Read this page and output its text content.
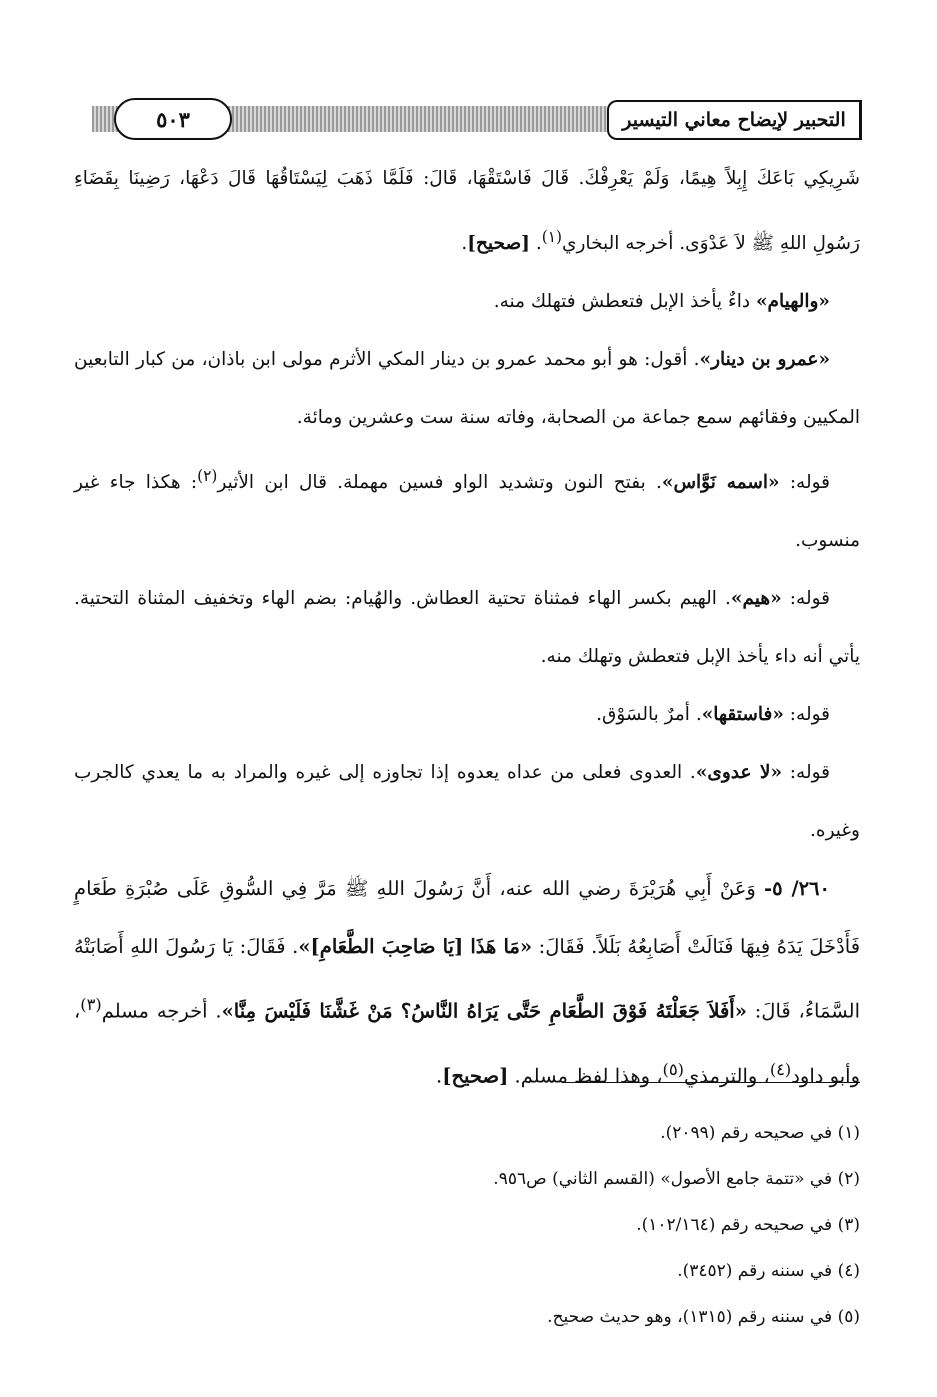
التحبير لإيضاح معاني التيسير
٥٠٣

شَرِيكِي بَاعَكَ إِبِلاً هِيمًا، وَلَمْ يَعْرِفْكَ. قَالَ فَاسْتَقْهَا، قَالَ: فَلَمَّا ذَهَبَ لِيَسْتَاقُهَا قَالَ دَعْهَا، رَضِينَا بِقَضَاءِ رَسُولِ اللهِ ﷺ لاَ عَدْوَى. أخرجه البخاري$^{(١)}$. [صحيح].

«والهيام» داءٌ يأخذ الإبل فتعطش فتهلك منه.

«عمرو بن دينار». أقول: هو أبو محمد عمرو بن دينار المكي الأثرم مولى ابن باذان، من كبار التابعين المكيين وفقائهم سمع جماعة من الصحابة، وفاته سنة ست وعشرين ومائة.

قوله: «اسمه نَوَّاس». بفتح النون وتشديد الواو فسين مهملة. قال ابن الأثير$^{(٢)}$: هكذا جاء غير منسوب.

قوله: «هيم». الهيم بكسر الهاء فمثناة تحتية العطاش. والهُيام: بضم الهاء وتخفيف المثناة التحتية. يأتي أنه داء يأخذ الإبل فتعطش وتهلك منه.

قوله: «فاستقها». أمرٌ بالسَوْق.

قوله: «لا عدوى». العدوى فعلى من عداه يعدوه إذا تجاوزه إلى غيره والمراد به ما يعدي كالجرب وغيره.

٢٦٠/ ٥- وَعَنْ أَبِي هُرَيْرَةَ رضي الله عنه، أَنَّ رَسُولَ اللهِ ﷺ مَرَّ فِي السُّوقِ عَلَى صُبْرَةِ طَعَامٍ فَأَدْخَلَ يَدَهُ فِيهَا فَنَالَتْ أَصَابِعُهُ بَلَلاً. فَقَالَ: «مَا هَذَا [يَا صَاحِبَ الطَّعَامِ]». فَقَالَ: يَا رَسُولَ اللهِ أَصَابَتْهُ السَّمَاءُ، قَالَ: «أَفَلاَ جَعَلْتَهُ فَوْقَ الطَّعَامِ حَتَّى يَرَاهُ النَّاسُ؟ مَنْ غَشَّنَا فَلَيْسَ مِنَّا». أخرجه مسلم$^{(٣)}$، وأبو داود$^{(٤)}$، والترمذي$^{(٥)}$، وهذا لفظ مسلم. [صحيح].

(١) في صحيحه رقم (٢٠٩٩).
(٢) في «تتمة جامع الأصول» (القسم الثاني) ص٩٥٦.
(٣) في صحيحه رقم (١٠٢/١٦٤).
(٤) في سننه رقم (٣٤٥٢).
(٥) في سننه رقم (١٣١٥)، وهو حديث صحيح.
